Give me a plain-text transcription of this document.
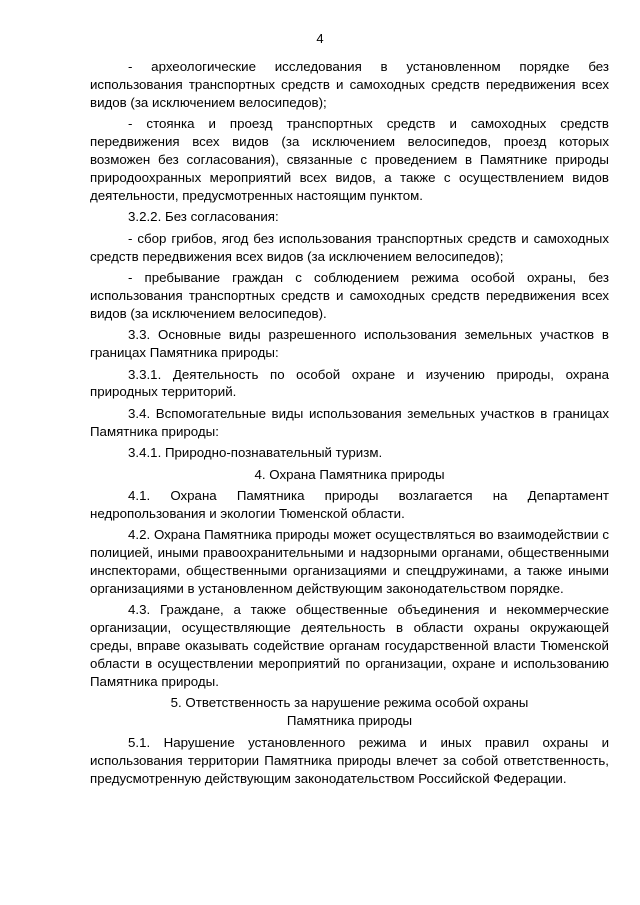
4

- археологические исследования в установленном порядке без использования транспортных средств и самоходных средств передвижения всех видов (за исключением велосипедов);

- стоянка и проезд транспортных средств и самоходных средств передвижения всех видов (за исключением велосипедов, проезд которых возможен без согласования), связанные с проведением в Памятнике природы природоохранных мероприятий всех видов, а также с осуществлением видов деятельности, предусмотренных настоящим пунктом.

3.2.2. Без согласования:

- сбор грибов, ягод без использования транспортных средств и самоходных средств передвижения всех видов (за исключением велосипедов);

- пребывание граждан с соблюдением режима особой охраны, без использования транспортных средств и самоходных средств передвижения всех видов (за исключением велосипедов).

3.3. Основные виды разрешенного использования земельных участков в границах Памятника природы:

3.3.1. Деятельность по особой охране и изучению природы, охрана природных территорий.

3.4. Вспомогательные виды использования земельных участков в границах Памятника природы:

3.4.1. Природно-познавательный туризм.

4. Охрана Памятника природы

4.1. Охрана Памятника природы возлагается на Департамент недропользования и экологии Тюменской области.

4.2. Охрана Памятника природы может осуществляться во взаимодействии с полицией, иными правоохранительными и надзорными органами, общественными инспекторами, общественными организациями и спецдружинами, а также иными организациями в установленном действующим законодательством порядке.

4.3. Граждане, а также общественные объединения и некоммерческие организации, осуществляющие деятельность в области охраны окружающей среды, вправе оказывать содействие органам государственной власти Тюменской области в осуществлении мероприятий по организации, охране и использованию Памятника природы.

5. Ответственность за нарушение режима особой охраны
Памятника природы

5.1. Нарушение установленного режима и иных правил охраны и использования территории Памятника природы влечет за собой ответственность, предусмотренную действующим законодательством Российской Федерации.
